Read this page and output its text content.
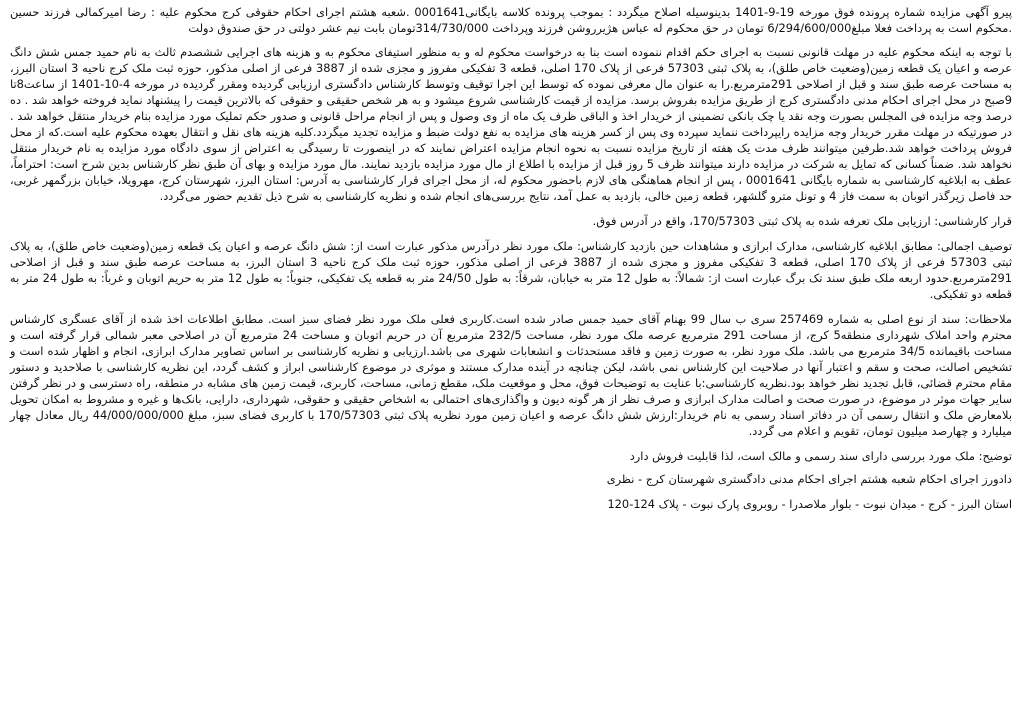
پیرو آگهی مزایده شماره پرونده فوق مورخه 19-9-1401 بدینوسیله اصلاح میگردد : بموجب پرونده کلاسه بایگانی0001641 .شعبه هشتم اجرای احکام حقوقی کرج محکوم علیه : رضا امیرکمالی فرزند حسین .محکوم است به پرداخت فعلا مبلغ6/294/600/000 تومان در حق محکوم له عباس هژیرروشن فرزند وپرداخت 314/730/000تومان بابت نیم عشر دولتی در حق صندوق دولت

با توجه به اینکه محکوم علیه در مهلت قانونی نسبت به اجرای حکم اقدام ننموده است بنا به درخواست محکوم له و به منظور استیفای محکوم به و هزینه های اجرایی ششصدم ثالث به نام حمید جمس شش دانگ عرصه و اعیان یک قطعه زمین(وضعیت خاص طلق)، به پلاک ثبتی 57303 فرعی از پلاک 170 اصلی، قطعه 3 تفکیکی مفروز و مجزی شده از 3887 فرعی از اصلی مذکور، حوزه ثبت ملک کرج ناحیه 3 استان البرز، به مساحت عرصه طبق سند و قبل از اصلاحی 291مترمربع.را به عنوان مال معرفی نموده که توسط این اجرا توقیف وتوسط کارشناس دادگستری ارزیابی گردیده ومقرر گردیده در مورخه 4-10-1401 از ساعت8تا 9صبح در محل اجرای احکام مدنی دادگستری کرج از طریق مزایده بفروش برسد. مزایده از قیمت کارشناسی شروع میشود و به هر شخص حقیقی و حقوقی که بالاترین قیمت را پیشنهاد نماید فروخته خواهد شد . ده درصد وجه مزایده فی المجلس بصورت وجه نقد یا چک بانکی تضمینی از خریدار اخذ و الباقی ظرف یک ماه از وی وصول و پس از انجام مراحل قانونی و صدور حکم تملیک مورد مزایده بنام خریدار منتقل خواهد شد . در صورتیکه در مهلت مقرر خریدار وجه مزایده رایپرداخت ننماید سپرده وی پس از کسر هزینه های مزایده به نفع دولت ضبط و مزایده تجدید میگردد.کلیه هزینه های نقل و انتقال بعهده محکوم علیه است.که از محل فروش پرداخت خواهد شد.طرفین میتوانند ظرف مدت یک هفته از تاریخ مزایده نسبت به نحوه انجام مزایده اعتراض نمایند که در اینصورت تا رسیدگی به اعتراض از سوی دادگاه مورد مزایده به نام خریدار منتقل نخواهد شد. ضمناً کسانی که تمایل به شرکت در مزایده دارند میتوانند ظرف 5 روز قبل از مزایده با اطلاع از مال مورد مزایده بازدید نمایند. مال مورد مزایده و بهای آن طبق نظر کارشناس بدین شرح است: احتراماً، عطف به ابلاغیه کارشناسی به شماره بایگانی 0001641 ، پس از انجام هماهنگی های لازم باحضور محکوم له، از محل اجرای قرار کارشناسی به آدرس: استان البرز، شهرستان کرج، مهرویلا، خیابان بزرگمهر غربی، حد فاصل زیرگذر اتوبان به سمت فاز 4 و تونل مترو گلشهر، قطعه زمین خالی، بازدید به عمل آمد، نتایج بررسی‌های انجام شده و نظریه کارشناسی به شرح ذیل تقدیم حضور می‌گردد.

قرار کارشناسی: ارزیابی ملک تعرفه شده به پلاک ثبتی 170/57303، واقع در آدرس فوق.

توصیف اجمالی: مطابق ابلاغیه کارشناسی، مدارک ابرازی و مشاهدات حین بازدید کارشناس: ملک مورد نظر درآدرس مذکور عبارت است از: شش دانگ عرصه و اعیان یک قطعه زمین(وضعیت خاص طلق)، به پلاک ثبتی 57303 فرعی از پلاک 170 اصلی، قطعه 3 تفکیکی مفروز و مجزی شده از 3887 فرعی از اصلی مذکور، حوزه ثبت ملک کرج ناحیه 3 استان البرز، به مساحت عرصه طبق سند و قبل از اصلاحی 291مترمربع.حدود اربعه ملک طبق سند تک برگ عبارت است از: شمالاً: به طول 12 متر به خیابان، شرقاً: به طول 24/50 متر به قطعه یک تفکیکی، جنوباً: به طول 12 متر به حریم اتوبان و غرباً: به طول 24 متر به قطعه دو تفکیکی.

ملاحظات: سند از نوع اصلی به شماره 257469 سری ب سال 99 بهنام آقای حمید جمس صادر شده است.کاربری فعلی ملک مورد نظر فضای سبز است. مطابق اطلاعات اخذ شده از آقای عسگری کارشناس محترم واحد املاک شهرداری منطقه5 کرج، از مساحت 291 مترمربع عرصه ملک مورد نظر، مساحت 232/5 مترمربع آن در حریم اتوبان و مساحت 24 مترمربع آن در اصلاحی معبر شمالی قرار گرفته است و مساحت باقیمانده 34/5 مترمربع می باشد. ملک مورد نظر، به صورت زمین و فاقد مستحدثات و انشعابات شهری می باشد.ارزیابی و نظریه کارشناسی بر اساس تصاویر مدارک ابرازی، انجام و اظهار شده است و تشخیص اصالت، صحت و سقم و اعتبار آنها در صلاحیت این کارشناس نمی باشد، لیکن چنانچه در آینده مدارک مستند و موثری در موضوع کارشناسی ابراز و کشف گردد، این نظریه کارشناسی با صلاحدید و دستور مقام محترم قضائی، قابل تجدید نظر خواهد بود.نظریه کارشناسی:با عنایت به توضیحات فوق، محل و موقعیت ملک، مقطع زمانی، مساحت، کاربری، قیمت زمین های مشابه در منطقه، راه دسترسی و در نظر گرفتن سایر جهات موثر در موضوع، در صورت صحت و اصالت مدارک ابرازی و صرف نظر از هر گونه دیون و واگذاری‌های احتمالی به اشخاص حقیقی و حقوقی، شهرداری، دارایی، بانک‌ها و غیره و مشروط به امکان تحویل بلامعارض ملک و انتقال رسمی آن در دفاتر اسناد رسمی به نام خریدار:ارزش شش دانگ عرصه و اعیان زمین مورد نظریه پلاک ثبتی 170/57303 با کاربری فضای سبز، مبلغ 44/000/000/000 ریال معادل چهار میلیارد و چهارصد میلیون تومان، تقویم و اعلام می گردد.

توضیح: ملک مورد بررسی دارای سند رسمی و مالک است، لذا قابلیت فروش دارد

دادورز اجرای احکام شعبه هشتم اجرای احکام مدنی دادگستری شهرستان کرج - نظری

استان البرز - کرج - میدان نبوت - بلوار ملاصدرا - روبروی پارک نبوت - پلاک 124-120
